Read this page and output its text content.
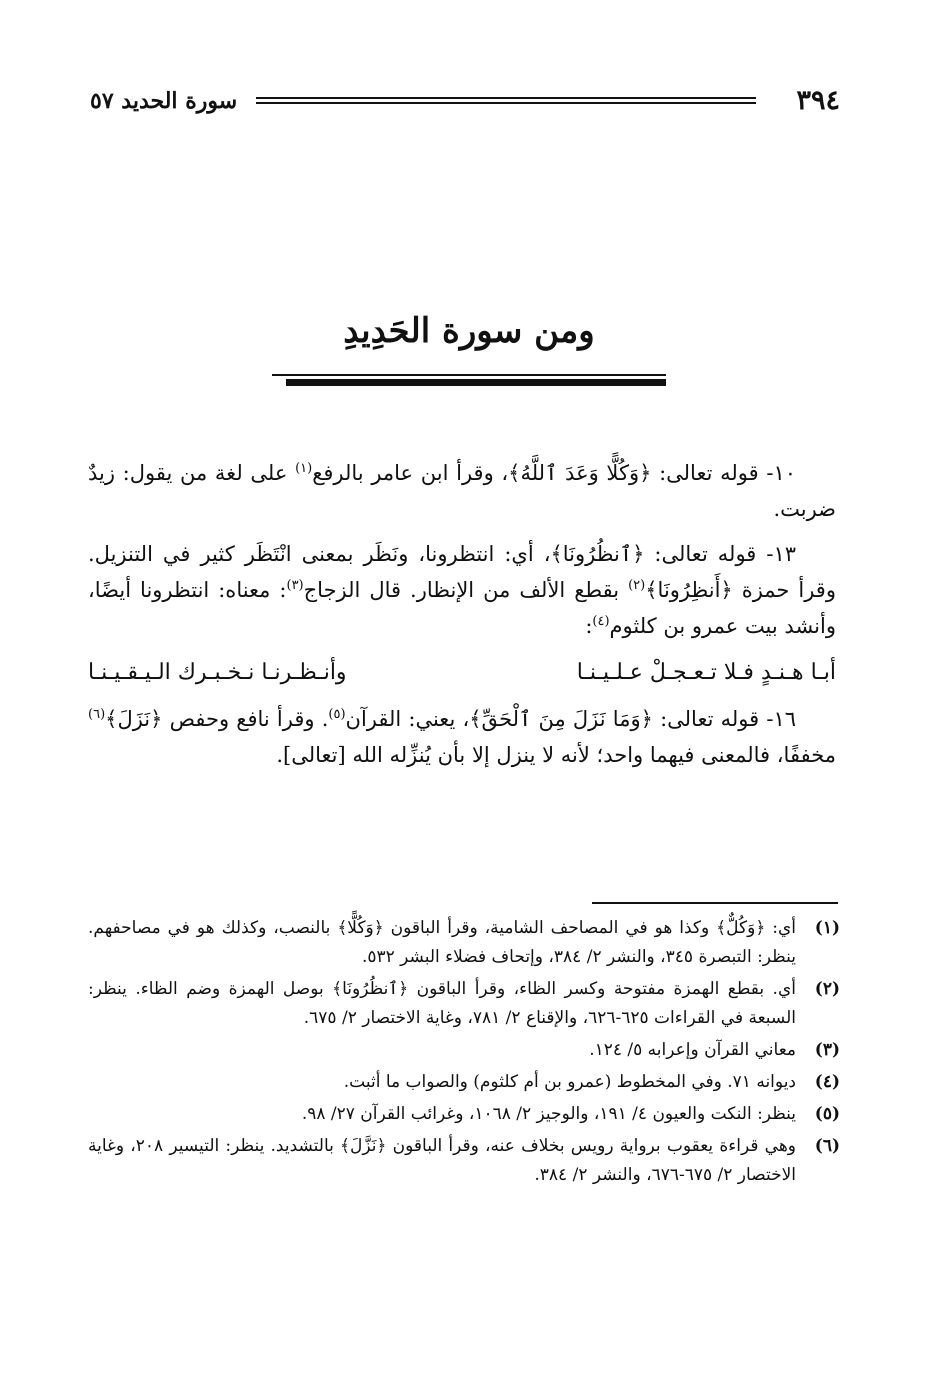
٣٩٤
سورة الحديد ٥٧
ومن سورة الحَدِيدِ

١٠- قوله تعالى: ﴿وَكُلًّا وَعَدَ ٱللَّهُ﴾، وقرأ ابن عامر بالرفع$^{(١)}$ على لغة من يقول: زيدٌ ضربت.

١٣- قوله تعالى: ﴿ٱنظُرُونَا﴾، أي: انتظرونا، ونَظَر بمعنى انْتَظَر كثير في التنزيل. وقرأ حمزة ﴿أَنظِرُونَا﴾$^{(٢)}$ بقطع الألف من الإنظار. قال الزجاج$^{(٣)}$: معناه: انتظرونا أيضًا، وأنشد بيت عمرو بن كلثوم$^{(٤)}$:

أبـا هـنـدٍ فـلا تـعـجـلْ عـلـيـنـا
وأنـظـرنـا نـخـبـرك الـيـقـيـنـا

١٦- قوله تعالى: ﴿وَمَا نَزَلَ مِنَ ٱلْحَقِّ﴾، يعني: القرآن$^{(٥)}$. وقرأ نافع وحفص ﴿نَزَلَ﴾$^{(٦)}$ مخففًا، فالمعنى فيهما واحد؛ لأنه لا ينزل إلا بأن يُنزِّله الله [تعالى].

(١)
أي: ﴿وَكُلٌّ﴾ وكذا هو في المصاحف الشامية، وقرأ الباقون ﴿وَكُلًّا﴾ بالنصب، وكذلك هو في مصاحفهم. ينظر: التبصرة ٣٤٥، والنشر ٢/ ٣٨٤، وإتحاف فضلاء البشر ٥٣٢.
(٢)
أي. بقطع الهمزة مفتوحة وكسر الظاء، وقرأ الباقون ﴿ٱنظُرُونَا﴾ بوصل الهمزة وضم الظاء. ينظر: السبعة في القراءات ٦٢٥-٦٢٦، والإقناع ٢/ ٧٨١، وغاية الاختصار ٢/ ٦٧٥.
(٣)
معاني القرآن وإعرابه ٥/ ١٢٤.
(٤)
ديوانه ٧١. وفي المخطوط (عمرو بن أم كلثوم) والصواب ما أثبت.
(٥)
ينظر: النكت والعيون ٤/ ١٩١، والوجيز ٢/ ١٠٦٨، وغرائب القرآن ٢٧/ ٩٨.
(٦)
وهي قراءة يعقوب برواية رويس بخلاف عنه، وقرأ الباقون ﴿نَزَّلَ﴾ بالتشديد. ينظر: التيسير ٢٠٨، وغاية الاختصار ٢/ ٦٧٥-٦٧٦، والنشر ٢/ ٣٨٤.
